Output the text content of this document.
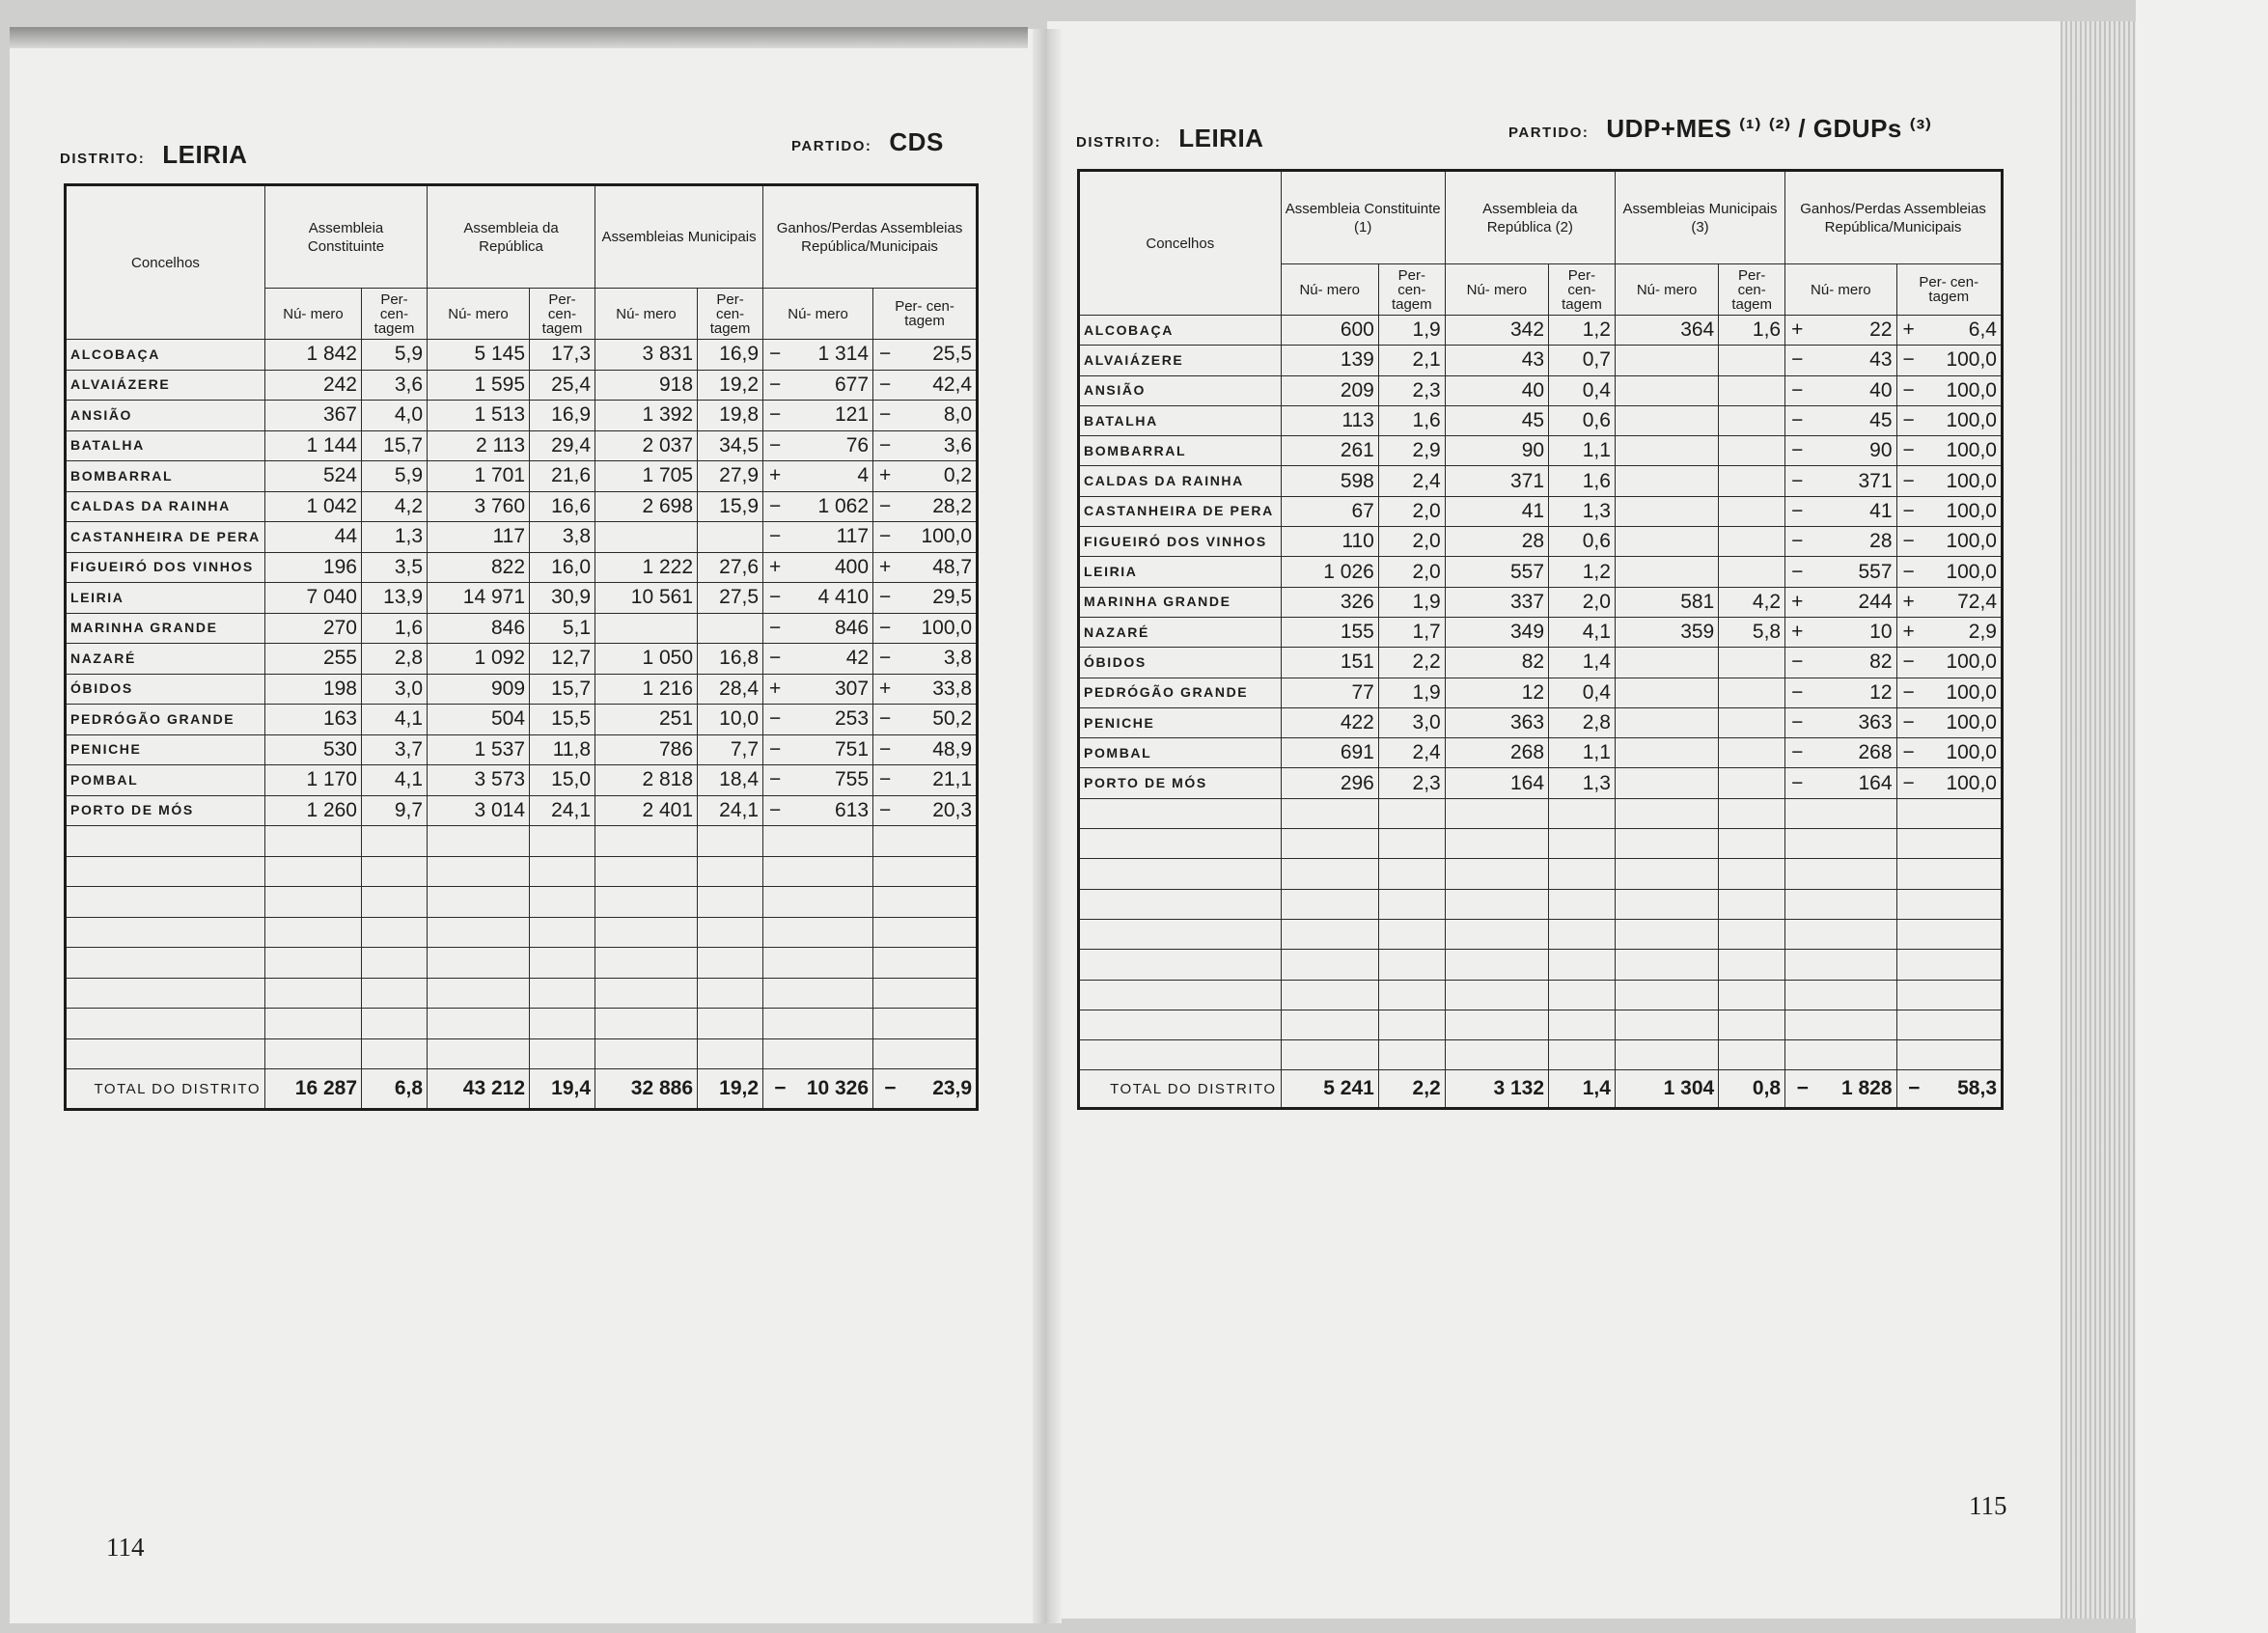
DISTRITO: LEIRIA	PARTIDO: CDS	DISTRITO: LEIRIA	PARTIDO: UDP+MES ⁽¹⁾ ⁽²⁾ / GDUPs ⁽³⁾
Concelhos	Assembleia Constituinte		Assembleia da República		Assembleias Municipais		Ganhos/Perdas Assembleias República/Municipais			
	Nú- mero	Per- cen- tagem	Nú- mero	Per- cen- tagem	Nú- mero	Per- cen- tagem	Nú- mero		Per- cen- tagem	
ALCOBAÇA	1 842	5,9	5 145	17,3	3 831	16,9	−	1 314	−	25,5
ALVAIÁZERE	242	3,6	1 595	25,4	918	19,2	−	677	−	42,4
ANSIÃO	367	4,0	1 513	16,9	1 392	19,8	−	121	−	8,0
BATALHA	1 144	15,7	2 113	29,4	2 037	34,5	−	76	−	3,6
BOMBARRAL	524	5,9	1 701	21,6	1 705	27,9	+	4	+	0,2
CALDAS DA RAINHA	1 042	4,2	3 760	16,6	2 698	15,9	−	1 062	−	28,2
CASTANHEIRA DE PERA	44	1,3	117	3,8			−	117	−	100,0
FIGUEIRÓ DOS VINHOS	196	3,5	822	16,0	1 222	27,6	+	400	+	48,7
LEIRIA	7 040	13,9	14 971	30,9	10 561	27,5	−	4 410	−	29,5
MARINHA GRANDE	270	1,6	846	5,1			−	846	−	100,0
NAZARÉ	255	2,8	1 092	12,7	1 050	16,8	−	42	−	3,8
ÓBIDOS	198	3,0	909	15,7	1 216	28,4	+	307	+	33,8
PEDRÓGÃO GRANDE	163	4,1	504	15,5	251	10,0	−	253	−	50,2
PENICHE	530	3,7	1 537	11,8	786	7,7	−	751	−	48,9
POMBAL	1 170	4,1	3 573	15,0	2 818	18,4	−	755	−	21,1
PORTO DE MÓS	1 260	9,7	3 014	24,1	2 401	24,1	−	613	−	20,3

TOTAL DO DISTRITO	16 287	6,8	43 212	19,4	32 886	19,2	−	10 326	−	23,9
Concelhos	Assembleia Constituinte (1)		Assembleia da República (2)		Assembleias Municipais (3)		Ganhos/Perdas Assembleias República/Municipais			
	Nú- mero	Per- cen- tagem	Nú- mero	Per- cen- tagem	Nú- mero	Per- cen- tagem	Nú- mero		Per- cen- tagem	
ALCOBAÇA	600	1,9	342	1,2	364	1,6	+	22	+	6,4
ALVAIÁZERE	139	2,1	43	0,7			−	43	−	100,0
ANSIÃO	209	2,3	40	0,4			−	40	−	100,0
BATALHA	113	1,6	45	0,6			−	45	−	100,0
BOMBARRAL	261	2,9	90	1,1			−	90	−	100,0
CALDAS DA RAINHA	598	2,4	371	1,6			−	371	−	100,0
CASTANHEIRA DE PERA	67	2,0	41	1,3			−	41	−	100,0
FIGUEIRÓ DOS VINHOS	110	2,0	28	0,6			−	28	−	100,0
LEIRIA	1 026	2,0	557	1,2			−	557	−	100,0
MARINHA GRANDE	326	1,9	337	2,0	581	4,2	+	244	+	72,4
NAZARÉ	155	1,7	349	4,1	359	5,8	+	10	+	2,9
ÓBIDOS	151	2,2	82	1,4			−	82	−	100,0
PEDRÓGÃO GRANDE	77	1,9	12	0,4			−	12	−	100,0
PENICHE	422	3,0	363	2,8			−	363	−	100,0
POMBAL	691	2,4	268	1,1			−	268	−	100,0
PORTO DE MÓS	296	2,3	164	1,3			−	164	−	100,0

TOTAL DO DISTRITO	5 241	2,2	3 132	1,4	1 304	0,8	−	1 828	−	58,3
114
115
